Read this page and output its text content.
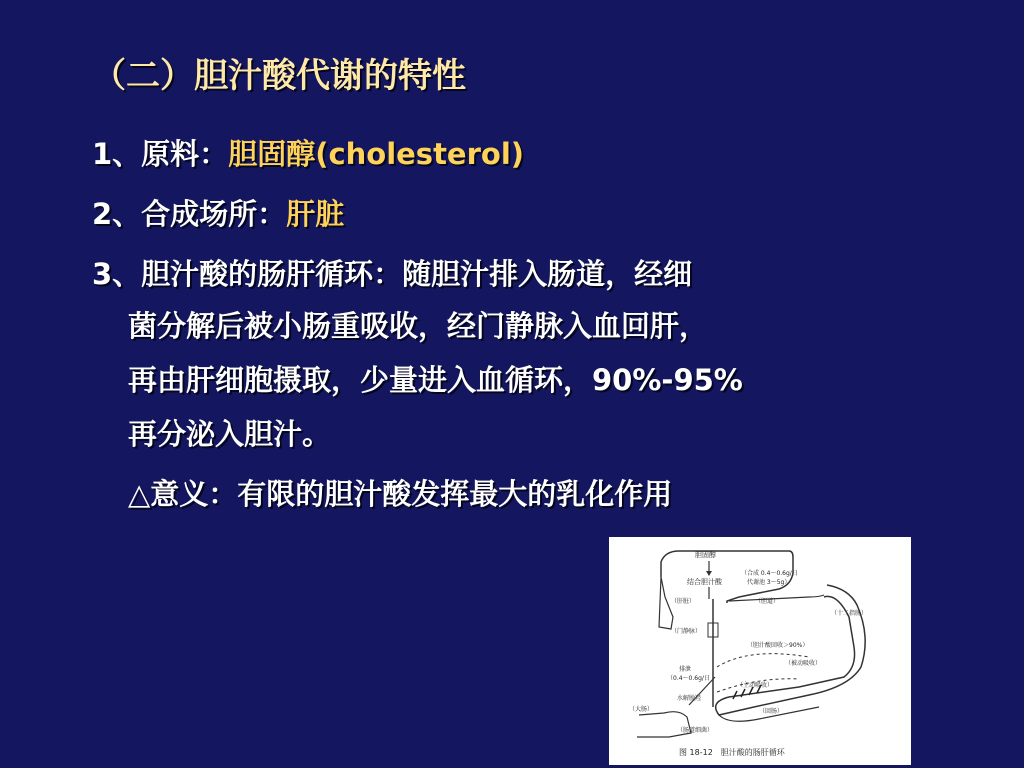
（二）胆汁酸代谢的特性
1、原料：胆固醇(cholesterol)
2、合成场所：肝脏
3、胆汁酸的肠肝循环：随胆汁排入肠道，经细
菌分解后被小肠重吸收，经门静脉入血回肝，
再由肝细胞摄取，少量进入血循环，90%-95%
再分泌入胆汁。
△意义：有限的胆汁酸发挥最大的乳化作用
胆固醇
结合胆汁酸
（合成 0.4～0.6g/日
代谢池 3～5g）
（肝脏）	（胆道）
（十二指肠）
（门静脉）
（胆汁酸回收＞90%）
（被动吸收）
排泄
（0.4～0.6g/日
（主动吸收）
水解脱羟
（大肠）	（回肠）
（肠道细菌）
图 18-12　胆汁酸的肠肝循环
